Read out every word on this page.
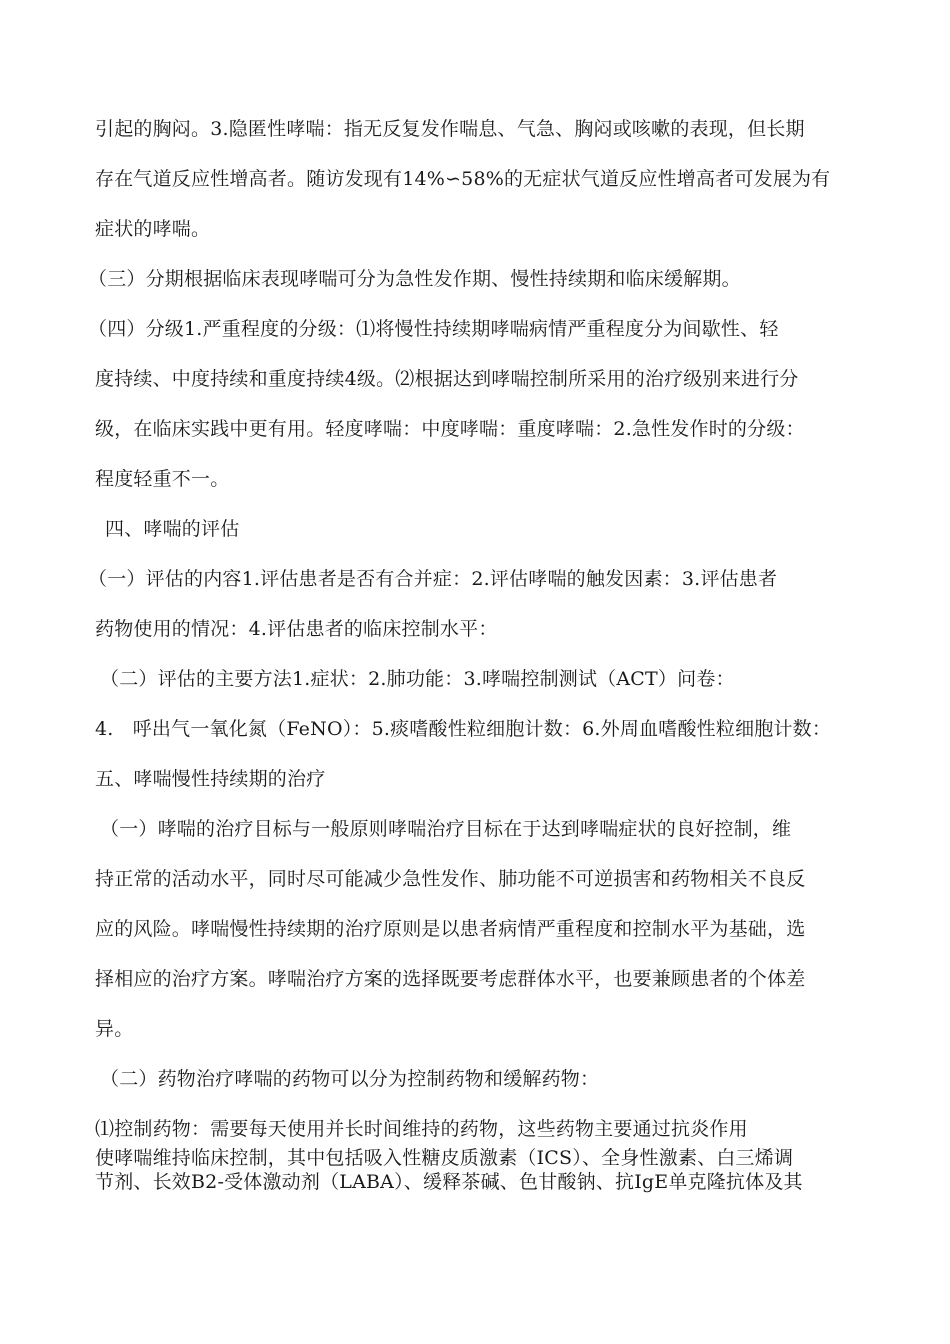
引起的胸闷。3.隐匿性哮喘：指无反复发作喘息、气急、胸闷或咳嗽的表现，但长期
存在气道反应性增高者。随访发现有14%∽58%的无症状气道反应性增高者可发展为有
症状的哮喘。
（三）分期根据临床表现哮喘可分为急性发作期、慢性持续期和临床缓解期。
（四）分级1.严重程度的分级：⑴将慢性持续期哮喘病情严重程度分为间歇性、轻
度持续、中度持续和重度持续4级。⑵根据达到哮喘控制所采用的治疗级别来进行分
级，在临床实践中更有用。轻度哮喘：中度哮喘：重度哮喘：2.急性发作时的分级：
程度轻重不一。
四、哮喘的评估
（一）评估的内容1.评估患者是否有合并症：2.评估哮喘的触发因素：3.评估患者
药物使用的情况：4.评估患者的临床控制水平：
（二）评估的主要方法1.症状：2.肺功能：3.哮喘控制测试（ACT）问卷：
4.　呼出气一氧化氮（FeNO）：5.痰嗜酸性粒细胞计数：6.外周血嗜酸性粒细胞计数：
五、哮喘慢性持续期的治疗
（一）哮喘的治疗目标与一般原则哮喘治疗目标在于达到哮喘症状的良好控制，维
持正常的活动水平，同时尽可能减少急性发作、肺功能不可逆损害和药物相关不良反
应的风险。哮喘慢性持续期的治疗原则是以患者病情严重程度和控制水平为基础，选
择相应的治疗方案。哮喘治疗方案的选择既要考虑群体水平，也要兼顾患者的个体差
异。
（二）药物治疗哮喘的药物可以分为控制药物和缓解药物：
⑴控制药物：需要每天使用并长时间维持的药物，这些药物主要通过抗炎作用
使哮喘维持临床控制，其中包括吸入性糖皮质激素（ICS）、全身性激素、白三烯调
节剂、长效B2-受体激动剂（LABA）、缓释茶碱、色甘酸钠、抗IgE单克隆抗体及其
